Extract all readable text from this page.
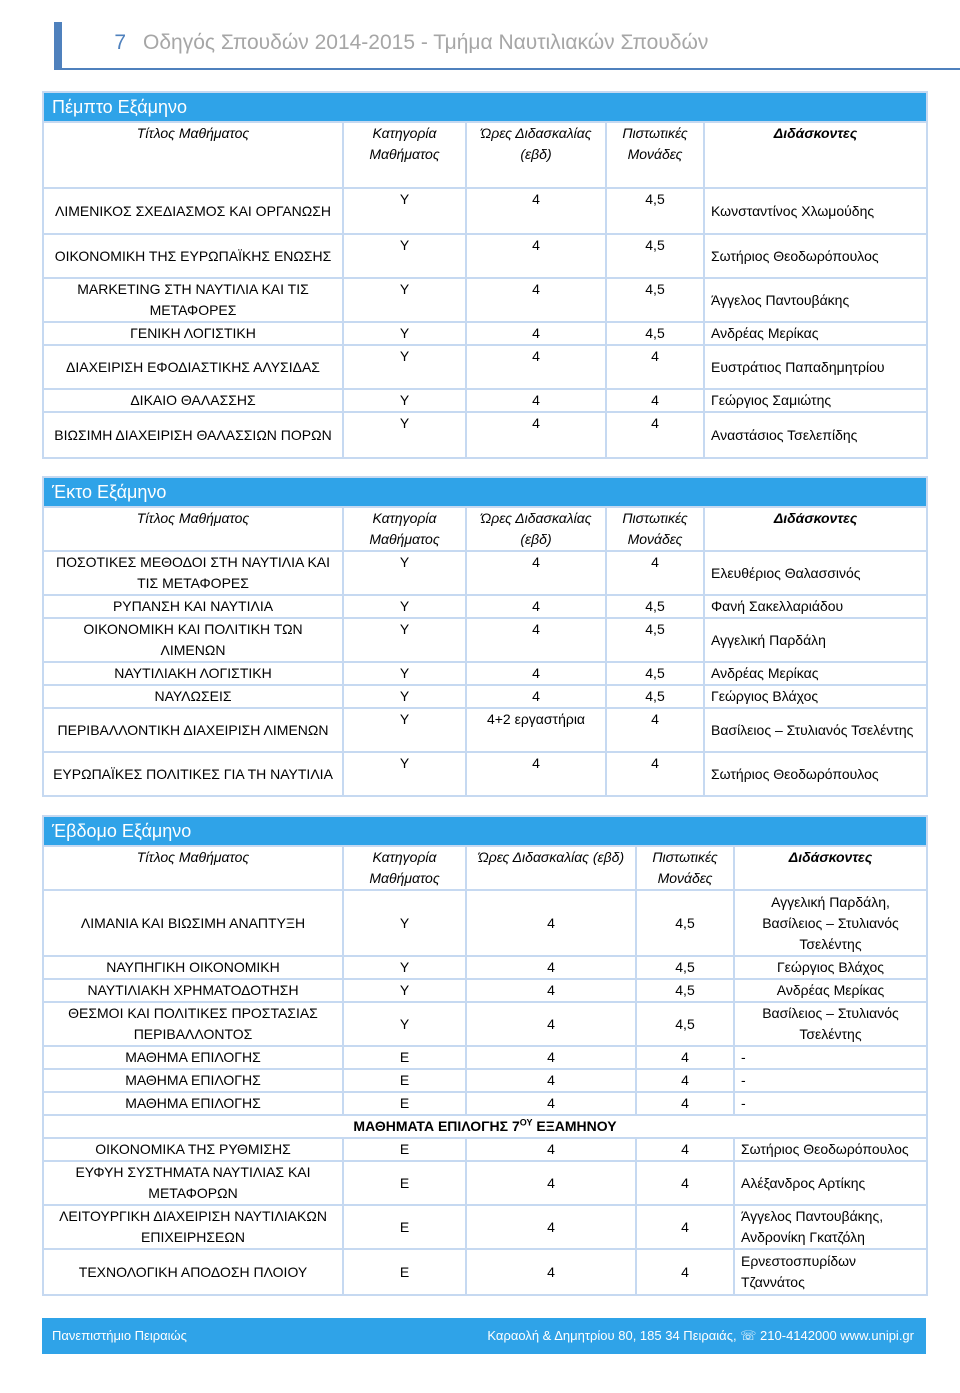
7 Οδηγός Σπουδών 2014-2015 - Τμήμα Ναυτιλιακών Σπουδών
Πέμπτο Εξάμηνο				
Τίτλος Μαθήματος	Κατηγορία Μαθήματος	Ώρες Διδασκαλίας (εβδ)	Πιστωτικές Μονάδες	Διδάσκοντες
ΛΙΜΕΝΙΚΟΣ ΣΧΕΔΙΑΣΜΟΣ ΚΑΙ ΟΡΓΑΝΩΣΗ	Υ	4	4,5	Κωνσταντίνος Χλωμούδης
ΟΙΚΟΝΟΜΙΚΗ ΤΗΣ ΕΥΡΩΠΑΪΚΗΣ ΕΝΩΣΗΣ	Υ	4	4,5	Σωτήριος Θεοδωρόπουλος
MARKETING ΣΤΗ ΝΑΥΤΙΛΙΑ ΚΑΙ ΤΙΣ ΜΕΤΑΦΟΡΕΣ	Υ	4	4,5	Άγγελος Παντουβάκης
ΓΕΝΙΚΗ ΛΟΓΙΣΤΙΚΗ	Υ	4	4,5	Ανδρέας Μερίκας
ΔΙΑΧΕΙΡΙΣΗ ΕΦΟΔΙΑΣΤΙΚΗΣ ΑΛΥΣΙΔΑΣ	Υ	4	4	Ευστράτιος Παπαδημητρίου
ΔΙΚΑΙΟ ΘΑΛΑΣΣΗΣ	Υ	4	4	Γεώργιος Σαμιώτης
ΒΙΩΣΙΜΗ ΔΙΑΧΕΙΡΙΣΗ ΘΑΛΑΣΣΙΩΝ ΠΟΡΩΝ	Υ	4	4	Αναστάσιος Τσελεπίδης
Έκτο Εξάμηνο				
Τίτλος Μαθήματος	Κατηγορία Μαθήματος	Ώρες Διδασκαλίας (εβδ)	Πιστωτικές Μονάδες	Διδάσκοντες
ΠΟΣΟΤΙΚΕΣ ΜΕΘΟΔΟΙ ΣΤΗ ΝΑΥΤΙΛΙΑ ΚΑΙ ΤΙΣ ΜΕΤΑΦΟΡΕΣ	Υ	4	4	Ελευθέριος Θαλασσινός
ΡΥΠΑΝΣΗ ΚΑΙ ΝΑΥΤΙΛΙΑ	Υ	4	4,5	Φανή Σακελλαριάδου
ΟΙΚΟΝΟΜΙΚΗ ΚΑΙ ΠΟΛΙΤΙΚΗ ΤΩΝ ΛΙΜΕΝΩΝ	Υ	4	4,5	Αγγελική Παρδάλη
ΝΑΥΤΙΛΙΑΚΗ ΛΟΓΙΣΤΙΚΗ	Υ	4	4,5	Ανδρέας Μερίκας
ΝΑΥΛΩΣΕΙΣ	Υ	4	4,5	Γεώργιος Βλάχος
ΠΕΡΙΒΑΛΛΟΝΤΙΚΗ ΔΙΑΧΕΙΡΙΣΗ ΛΙΜΕΝΩΝ	Υ	4+2 εργαστήρια	4	Βασίλειος – Στυλιανός Τσελέντης
ΕΥΡΩΠΑΪΚΕΣ ΠΟΛΙΤΙΚΕΣ ΓΙΑ ΤΗ ΝΑΥΤΙΛΙΑ	Υ	4	4	Σωτήριος Θεοδωρόπουλος
Έβδομο Εξάμηνο				
Τίτλος Μαθήματος	Κατηγορία Μαθήματος	Ώρες Διδασκαλίας (εβδ)	Πιστωτικές Μονάδες	Διδάσκοντες
ΛΙΜΑΝΙΑ ΚΑΙ ΒΙΩΣΙΜΗ ΑΝΑΠΤΥΞΗ	Υ	4	4,5	Αγγελική Παρδάλη, Βασίλειος – Στυλιανός Τσελέντης
ΝΑΥΠΗΓΙΚΗ ΟΙΚΟΝΟΜΙΚΗ	Υ	4	4,5	Γεώργιος Βλάχος
ΝΑΥΤΙΛΙΑΚΗ ΧΡΗΜΑΤΟΔΟΤΗΣΗ	Υ	4	4,5	Ανδρέας Μερίκας
ΘΕΣΜΟΙ ΚΑΙ ΠΟΛΙΤΙΚΕΣ ΠΡΟΣΤΑΣΙΑΣ ΠΕΡΙΒΑΛΛΟΝΤΟΣ	Υ	4	4,5	Βασίλειος – Στυλιανός Τσελέντης
ΜΑΘΗΜΑ ΕΠΙΛΟΓΗΣ	Ε	4	4	-
ΜΑΘΗΜΑ ΕΠΙΛΟΓΗΣ	Ε	4	4	-
ΜΑΘΗΜΑ ΕΠΙΛΟΓΗΣ	Ε	4	4	-
ΜΑΘΗΜΑΤΑ ΕΠΙΛΟΓΗΣ $7^{O\Upsilon}$ ΕΞΑΜΗΝΟΥ				
ΟΙΚΟΝΟΜΙΚΑ ΤΗΣ ΡΥΘΜΙΣΗΣ	Ε	4	4	Σωτήριος Θεοδωρόπουλος
ΕΥΦΥΗ ΣΥΣΤΗΜΑΤΑ ΝΑΥΤΙΛΙΑΣ ΚΑΙ ΜΕΤΑΦΟΡΩΝ	Ε	4	4	Αλέξανδρος Αρτίκης
ΛΕΙΤΟΥΡΓΙΚΗ ΔΙΑΧΕΙΡΙΣΗ ΝΑΥΤΙΛΙΑΚΩΝ ΕΠΙΧΕΙΡΗΣΕΩΝ	Ε	4	4	Άγγελος Παντουβάκης, Ανδρονίκη Γκατζόλη
ΤΕΧΝΟΛΟΓΙΚΗ ΑΠΟΔΟΣΗ ΠΛΟΙΟΥ	Ε	4	4	Ερνεστοσπυρίδων Τζαννάτος
Πανεπιστήμιο Πειραιώς	Καραολή & Δημητρίου 80, 185 34 Πειραιάς, ☏ 210-4142000 www.unipi.gr
